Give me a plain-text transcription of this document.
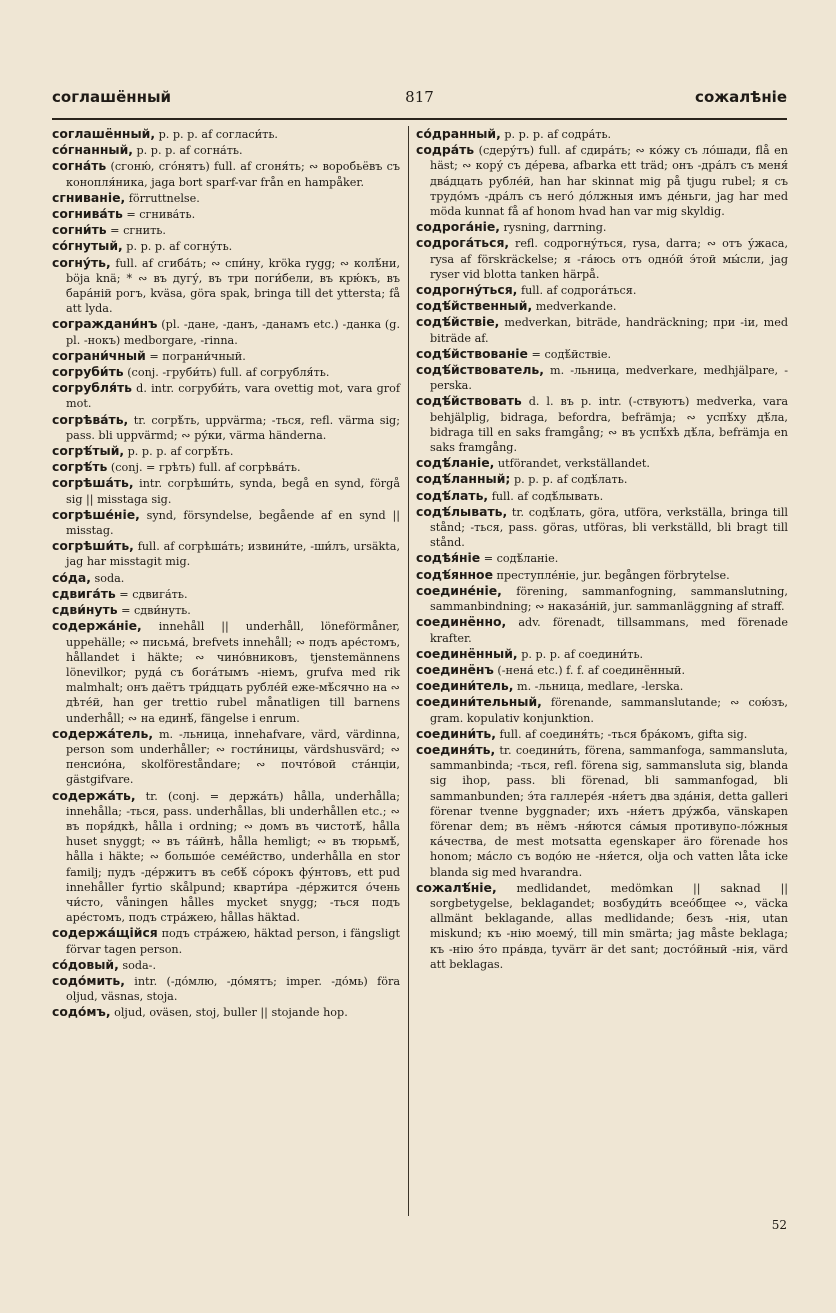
соглашённый	817	сожалѣніе

соглашённый, p. p. p. af согласи́ть.

со́гнанный, p. p. p. af согна́ть.

согна́ть (сгоню́, сго́нятъ) full. af сгоня́ть; ∾ воробьёвъ съ конопля́ника, jaga bort sparf-var från en hampåker.

сгниваніе, förruttnelse.

согнива́ть = сгнива́ть.

согни́ть = сгнить.

со́гнутый, p. p. p. af согну́ть.

согну́ть, full. af сгиба́ть; ∾ спи́ну, kröka rygg; ∾ колѣ́ни, böja knä; * ∾ въ дугу́, въ три поги́бели, въ крю́къ, въ бара́ній рогъ, kväsa, göra spak, bringa till det yttersta; få att lyda.

сограждани́нъ (pl. -дане, -данъ, -данамъ etc.) -данка (g. pl. -нокъ) medborgare, -rinna.

сограни́чный = пограни́чный.

согруби́ть (conj. -груби́ть) full. af согрубля́ть.

согрубля́ть d. intr. согруби́ть, vara ovettig mot, vara grof mot.

согрѣва́ть, tr. согрѣ́ть, uppvärma; -ться, refl. värma sig; pass. bli uppvärmd; ∾ ру́ки, värma händerna.

согрѣ́тый, p. p. p. af согрѣ́ть.

согрѣ́ть (conj. = грѣть) full. af согрѣва́ть.

согрѣша́ть, intr. согрѣши́ть, synda, begå en synd, förgå sig || misstaga sig.

согрѣше́ніе, synd, försyndelse, begående af en synd || misstag.

согрѣши́ть, full. af согрѣша́ть; извини́те, -ши́лъ, ursäkta, jag har misstagit mig.

со́да, soda.

сдвига́ть = сдвига́ть.

сдви́нуть = сдви́нуть.

содержа́ніе, innehåll || underhåll, löneförmåner, uppehälle; ∾ письма́, brefvets innehåll; ∾ подъ аре́стомъ, hållandet i häkte; ∾ чино́вниковъ, tjenstemännens lönevilkor; руда́ съ бога́тымъ -ніемъ, grufva med rik malmhalt; онъ даётъ три́дцать рубле́й еже-мѣ́сячно на ∾ дѣте́й, han ger trettio rubel månatligen till barnens underhåll; ∾ на единѣ́, fängelse i enrum.

содержа́тель, m. -льница, innehafvare, värd, värdinna, person som underhåller; ∾ гости́ницы, värdshusvärd; ∾ пенсио́на, skolföreståndare; ∾ почто́вой ста́нціи, gästgifvare.

содержа́ть, tr. (conj. = держа́ть) hålla, underhålla; innehålla; -ться, pass. underhållas, bli underhållen etc.; ∾ въ поря́дкѣ, hålla i ordning; ∾ домъ въ чистотѣ́, hålla huset snyggt; ∾ въ та́йнѣ, hålla hemligt; ∾ въ тюрьмѣ́, hålla i häkte; ∾ большо́е семе́йство, underhålla en stor familj; пудъ -де́ржитъ въ себѣ́ со́рокъ фу́нтовъ, ett pud innehåller fyrtio skålpund; кварти́ра -де́ржится о́чень чи́сто, våningen hålles mycket snygg; -ться подъ аре́стомъ, подъ стра́жею, hållas häktad.

содержа́щійся подъ стра́жею, häktad person, i fängsligt förvar tagen person.

со́довый, soda-.

содо́мить, intr. (-до́млю, -до́мятъ; imper. -до́мь) föra oljud, väsnas, stoja.

содо́мъ, oljud, oväsen, stoj, buller || stojande hop.

со́дранный, p. p. p. af содра́ть.

содра́ть (сдеру́тъ) full. af сдира́ть; ∾ ко́жу съ ло́шади, flå en häst; ∾ кору́ съ де́рева, afbarka ett träd; онъ -дра́лъ съ меня́ два́дцать рубле́й, han har skinnat mig på tjugu rubel; я съ трудо́мъ -дра́лъ съ него́ до́лжныя имъ де́ньги, jag har med möda kunnat få af honom hvad han var mig skyldig.

содрога́ніе, rysning, darrning.

содрога́ться, refl. содрогну́ться, rysa, darra; ∾ отъ у́жаса, rysa af förskräckelse; я -га́юсь отъ одно́й э́той мы́сли, jag ryser vid blotta tanken härpå.

содрогну́ться, full. af содрога́ться.

содѣ́йственный, medverkande.

содѣ́йствіе, medverkan, biträde, handräckning; при -іи, med biträde af.

содѣ́йствованіе = содѣ́йствіе.

содѣ́йствователь, m. -льница, medverkare, medhjälpare, -perska.

содѣ́йствовать d. l. въ p. intr. (-ствуютъ) medverka, vara behjälplig, bidraga, befordra, befrämja; ∾ успѣ́ху дѣ́ла, bidraga till en saks framgång; ∾ въ успѣ́хѣ дѣ́ла, befrämja en saks framgång.

содѣ́ланіе, utförandet, verkställandet.

содѣ́ланный; p. p. p. af содѣ́лать.

содѣ́лать, full. af содѣ́лывать.

содѣ́лывать, tr. содѣ́лать, göra, utföra, verkställa, bringa till stånd; -ться, pass. göras, utföras, bli verkställd, bli bragt till stånd.

содѣя́ніе = содѣ́ланіе.

содѣ́янное преступле́ніе, jur. begången förbrytelse.

соедине́ніе, förening, sammanfogning, sammanslutning, sammanbindning; ∾ наказа́ній, jur. sammanläggning af straff.

соединённо, adv. förenadt, tillsammans, med förenade krafter.

соединённый, p. p. p. af соедини́ть.

соединёнъ (-нена́ etc.) f. f. af соединённый.

соедини́тель, m. -льница, medlare, -lerska.

соедини́тельный, förenande, sammanslutande; ∾ сою́зъ, gram. kopulativ konjunktion.

соедини́ть, full. af соединя́ть; -ться бра́комъ, gifta sig.

соединя́ть, tr. соедини́ть, förena, sammanfoga, sammansluta, sammanbinda; -ться, refl. förena sig, sammansluta sig, blanda sig ihop, pass. bli förenad, bli sammanfogad, bli sammanbunden; э́та галлере́я -ня́етъ два зда́нія, detta galleri förenar tvenne byggnader; ихъ -ня́етъ дру́жба, vänskapen förenar dem; въ нёмъ -ня́ются са́мыя противупо-ло́жныя ка́чества, de mest motsatta egenskaper äro förenade hos honom; ма́сло съ водо́ю не -ня́ется, olja och vatten låta icke blanda sig med hvarandra.

сожалѣ́ніе, medlidandet, medömkan || saknad || sorgbetygelse, beklagandet; возбуди́ть всео́бщее ∾, väcka allmänt beklagande, allas medlidande; безъ -нія, utan miskund; къ -нію моему́, till min smärta; jag måste beklaga; къ -нію э́то пра́вда, tyvärr är det sant; досто́йный -нія, värd att beklagas.

52
